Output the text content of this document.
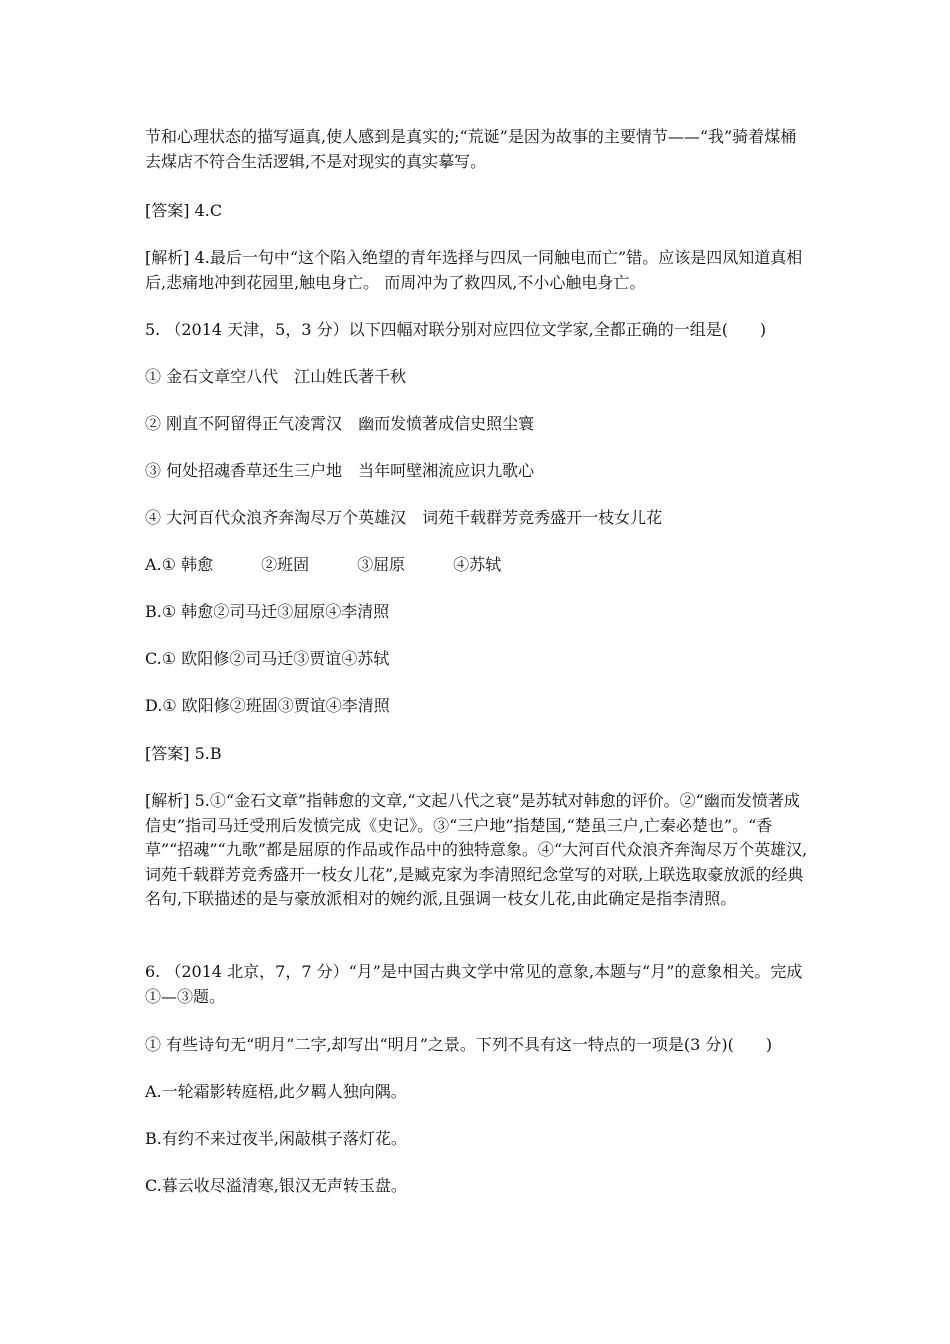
节和心理状态的描写逼真,使人感到是真实的;“荒诞”是因为故事的主要情节——“我”骑着煤桶去煤店不符合生活逻辑,不是对现实的真实摹写。

[答案] 4.C

[解析] 4.最后一句中“这个陷入绝望的青年选择与四凤一同触电而亡”错。应该是四凤知道真相后,悲痛地冲到花园里,触电身亡。 而周冲为了救四凤,不小心触电身亡。

5. （2014 天津，5，3 分）以下四幅对联分别对应四位文学家,全都正确的一组是(　　)

① 金石文章空八代　江山姓氏著千秋

② 刚直不阿留得正气凌霄汉　幽而发愤著成信史照尘寰

③ 何处招魂香草还生三户地　当年呵壁湘流应识九歌心

④ 大河百代众浪齐奔淘尽万个英雄汉　词苑千载群芳竞秀盛开一枝女儿花

A.① 韩愈　　　②班固　　　③屈原　　　④苏轼

B.① 韩愈②司马迁③屈原④李清照

C.① 欧阳修②司马迁③贾谊④苏轼

D.① 欧阳修②班固③贾谊④李清照

[答案] 5.B

[解析] 5.①“金石文章”指韩愈的文章,“文起八代之衰”是苏轼对韩愈的评价。②“幽而发愤著成信史”指司马迁受刑后发愤完成《史记》。③“三户地”指楚国,“楚虽三户,亡秦必楚也”。“香草”“招魂”“九歌”都是屈原的作品或作品中的独特意象。④“大河百代众浪齐奔淘尽万个英雄汉,词苑千载群芳竞秀盛开一枝女儿花”,是臧克家为李清照纪念堂写的对联,上联选取豪放派的经典名句,下联描述的是与豪放派相对的婉约派,且强调一枝女儿花,由此确定是指李清照。

6. （2014 北京，7，7 分）“月”是中国古典文学中常见的意象,本题与“月”的意象相关。完成①—③题。

① 有些诗句无“明月”二字,却写出“明月”之景。下列不具有这一特点的一项是(3 分)(　　)

A.一轮霜影转庭梧,此夕羁人独向隅。

B.有约不来过夜半,闲敲棋子落灯花。

C.暮云收尽溢清寒,银汉无声转玉盘。
